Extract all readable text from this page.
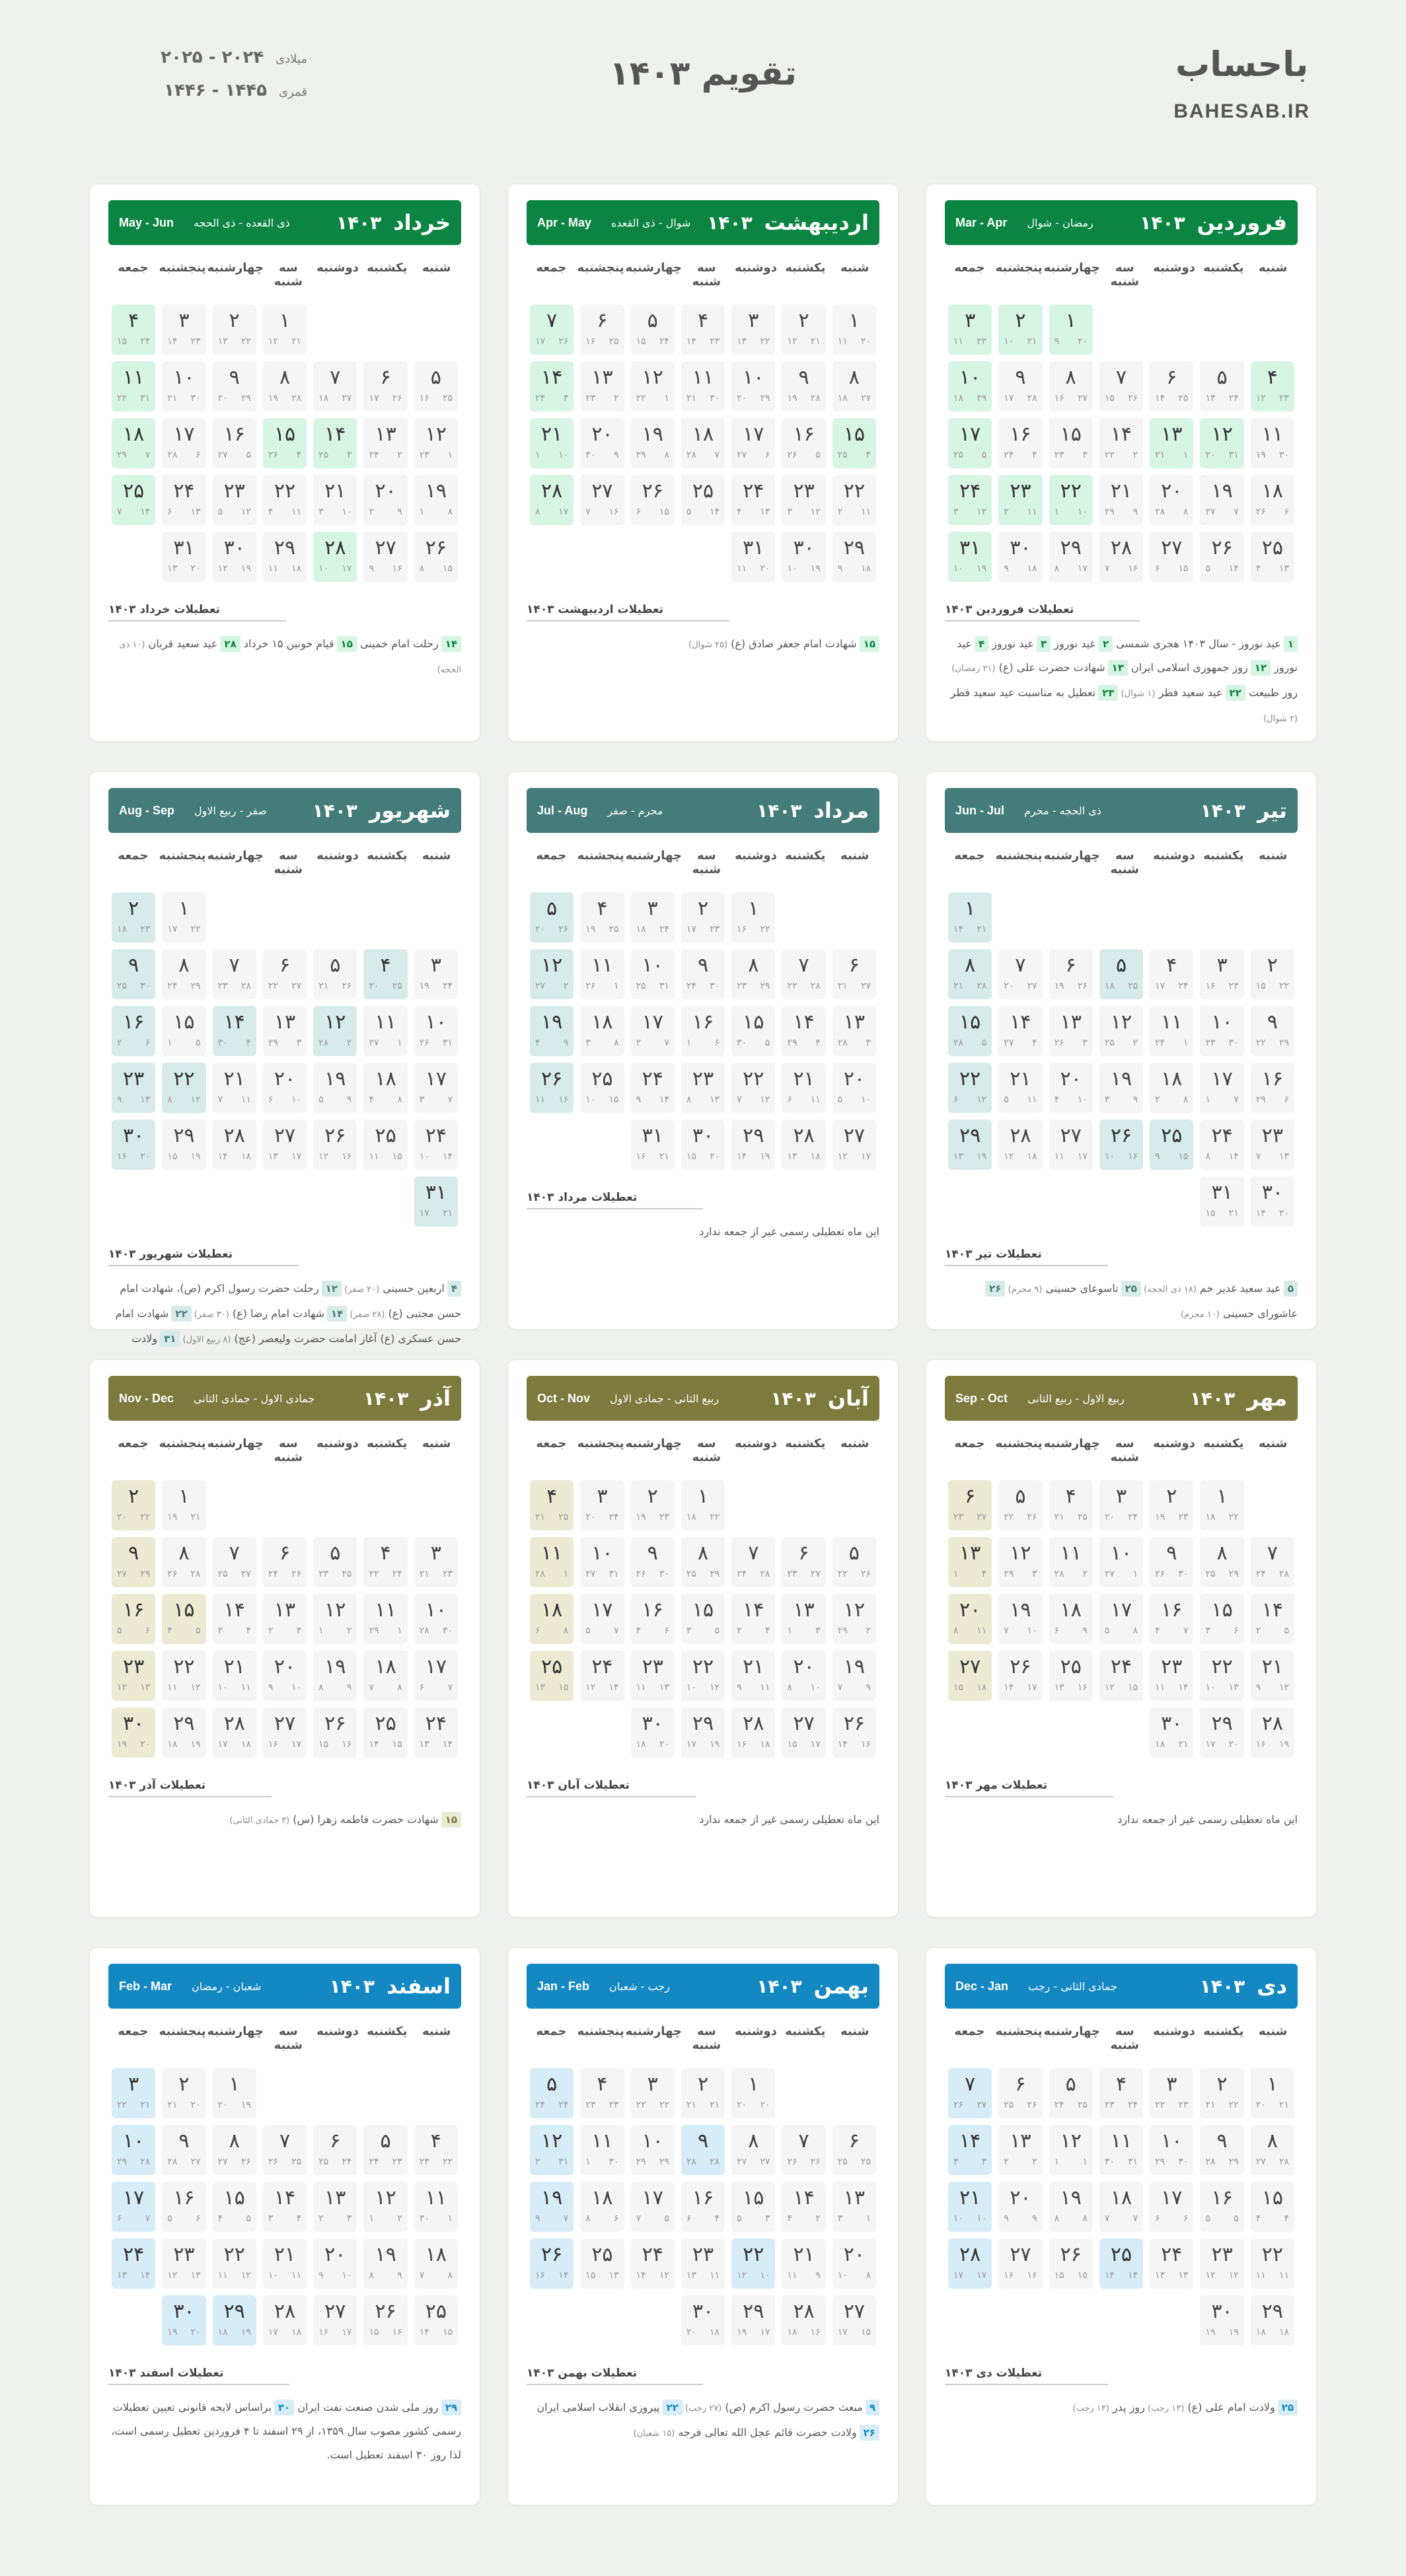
باحساب
BAHESAB.IR
تقویم ۱۴۰۳
میلادی
۲۰۲۴ - ۲۰۲۵
قمری
۱۴۴۵ - ۱۴۴۶
فروردین
۱۴۰۳
رمضان - شوال
Mar - Apr
شنبه
یکشنبه
دوشنبه
سه شنبه
چهارشنبه
پنجشنبه
جمعه
۱
۲۰
۹
۲
۲۱
۱۰
۳
۲۲
۱۱
۴
۲۳
۱۲
۵
۲۴
۱۳
۶
۲۵
۱۴
۷
۲۶
۱۵
۸
۲۷
۱۶
۹
۲۸
۱۷
۱۰
۲۹
۱۸
۱۱
۳۰
۱۹
۱۲
۳۱
۲۰
۱۳
۱
۲۱
۱۴
۲
۲۲
۱۵
۳
۲۳
۱۶
۴
۲۴
۱۷
۵
۲۵
۱۸
۶
۲۶
۱۹
۷
۲۷
۲۰
۸
۲۸
۲۱
۹
۲۹
۲۲
۱۰
۱
۲۳
۱۱
۲
۲۴
۱۲
۳
۲۵
۱۳
۴
۲۶
۱۴
۵
۲۷
۱۵
۶
۲۸
۱۶
۷
۲۹
۱۷
۸
۳۰
۱۸
۹
۳۱
۱۹
۱۰
تعطیلات فروردین ۱۴۰۳
۱عید نوروز - سال ۱۴۰۳ هجری شمسی ۲عید نوروز ۳عید نوروز ۴عید نوروز ۱۲روز جمهوری اسلامی ایران ۱۳شهادت حضرت علی (ع) (۲۱ رمضان) روز طبیعت ۲۲عید سعید فطر (۱ شوال) ۲۳تعطیل به مناسبت عید سعید فطر (۲ شوال)
اردیبهشت
۱۴۰۳
شوال - ذی القعده
Apr - May
شنبه
یکشنبه
دوشنبه
سه شنبه
چهارشنبه
پنجشنبه
جمعه
۱
۲۰
۱۱
۲
۲۱
۱۲
۳
۲۲
۱۳
۴
۲۳
۱۴
۵
۲۴
۱۵
۶
۲۵
۱۶
۷
۲۶
۱۷
۸
۲۷
۱۸
۹
۲۸
۱۹
۱۰
۲۹
۲۰
۱۱
۳۰
۲۱
۱۲
۱
۲۲
۱۳
۲
۲۳
۱۴
۳
۲۴
۱۵
۴
۲۵
۱۶
۵
۲۶
۱۷
۶
۲۷
۱۸
۷
۲۸
۱۹
۸
۲۹
۲۰
۹
۳۰
۲۱
۱۰
۱
۲۲
۱۱
۲
۲۳
۱۲
۳
۲۴
۱۳
۴
۲۵
۱۴
۵
۲۶
۱۵
۶
۲۷
۱۶
۷
۲۸
۱۷
۸
۲۹
۱۸
۹
۳۰
۱۹
۱۰
۳۱
۲۰
۱۱
تعطیلات اردیبهشت ۱۴۰۳
۱۵شهادت امام جعفر صادق (ع) (۲۵ شوال)
خرداد
۱۴۰۳
ذی القعده - ذی الحجه
May - Jun
شنبه
یکشنبه
دوشنبه
سه شنبه
چهارشنبه
پنجشنبه
جمعه
۱
۲۱
۱۲
۲
۲۲
۱۳
۳
۲۳
۱۴
۴
۲۴
۱۵
۵
۲۵
۱۶
۶
۲۶
۱۷
۷
۲۷
۱۸
۸
۲۸
۱۹
۹
۲۹
۲۰
۱۰
۳۰
۲۱
۱۱
۳۱
۲۲
۱۲
۱
۲۳
۱۳
۲
۲۴
۱۴
۳
۲۵
۱۵
۴
۲۶
۱۶
۵
۲۷
۱۷
۶
۲۸
۱۸
۷
۲۹
۱۹
۸
۱
۲۰
۹
۲
۲۱
۱۰
۳
۲۲
۱۱
۴
۲۳
۱۲
۵
۲۴
۱۳
۶
۲۵
۱۴
۷
۲۶
۱۵
۸
۲۷
۱۶
۹
۲۸
۱۷
۱۰
۲۹
۱۸
۱۱
۳۰
۱۹
۱۲
۳۱
۲۰
۱۳
تعطیلات خرداد ۱۴۰۳
۱۴رحلت امام خمینی ۱۵قیام خونین ۱۵ خرداد ۲۸عید سعید قربان (۱۰ ذی الحجه)
تیر
۱۴۰۳
ذی الحجه - محرم
Jun - Jul
شنبه
یکشنبه
دوشنبه
سه شنبه
چهارشنبه
پنجشنبه
جمعه
۱
۲۱
۱۴
۲
۲۲
۱۵
۳
۲۳
۱۶
۴
۲۴
۱۷
۵
۲۵
۱۸
۶
۲۶
۱۹
۷
۲۷
۲۰
۸
۲۸
۲۱
۹
۲۹
۲۲
۱۰
۳۰
۲۳
۱۱
۱
۲۴
۱۲
۲
۲۵
۱۳
۳
۲۶
۱۴
۴
۲۷
۱۵
۵
۲۸
۱۶
۶
۲۹
۱۷
۷
۱
۱۸
۸
۲
۱۹
۹
۳
۲۰
۱۰
۴
۲۱
۱۱
۵
۲۲
۱۲
۶
۲۳
۱۳
۷
۲۴
۱۴
۸
۲۵
۱۵
۹
۲۶
۱۶
۱۰
۲۷
۱۷
۱۱
۲۸
۱۸
۱۲
۲۹
۱۹
۱۳
۳۰
۲۰
۱۴
۳۱
۲۱
۱۵
تعطیلات تیر ۱۴۰۳
۵عید سعید غدیر خم (۱۸ ذی الحجه) ۲۵تاسوعای حسینی (۹ محرم) ۲۶عاشورای حسینی (۱۰ محرم)
مرداد
۱۴۰۳
محرم - صفر
Jul - Aug
شنبه
یکشنبه
دوشنبه
سه شنبه
چهارشنبه
پنجشنبه
جمعه
۱
۲۲
۱۶
۲
۲۳
۱۷
۳
۲۴
۱۸
۴
۲۵
۱۹
۵
۲۶
۲۰
۶
۲۷
۲۱
۷
۲۸
۲۲
۸
۲۹
۲۳
۹
۳۰
۲۴
۱۰
۳۱
۲۵
۱۱
۱
۲۶
۱۲
۲
۲۷
۱۳
۳
۲۸
۱۴
۴
۲۹
۱۵
۵
۳۰
۱۶
۶
۱
۱۷
۷
۲
۱۸
۸
۳
۱۹
۹
۴
۲۰
۱۰
۵
۲۱
۱۱
۶
۲۲
۱۲
۷
۲۳
۱۳
۸
۲۴
۱۴
۹
۲۵
۱۵
۱۰
۲۶
۱۶
۱۱
۲۷
۱۷
۱۲
۲۸
۱۸
۱۳
۲۹
۱۹
۱۴
۳۰
۲۰
۱۵
۳۱
۲۱
۱۶
تعطیلات مرداد ۱۴۰۳
این ماه تعطیلی رسمی غیر از جمعه ندارد
شهریور
۱۴۰۳
صفر - ربیع الاول
Aug - Sep
شنبه
یکشنبه
دوشنبه
سه شنبه
چهارشنبه
پنجشنبه
جمعه
۱
۲۲
۱۷
۲
۲۳
۱۸
۳
۲۴
۱۹
۴
۲۵
۲۰
۵
۲۶
۲۱
۶
۲۷
۲۲
۷
۲۸
۲۳
۸
۲۹
۲۴
۹
۳۰
۲۵
۱۰
۳۱
۲۶
۱۱
۱
۲۷
۱۲
۲
۲۸
۱۳
۳
۲۹
۱۴
۴
۳۰
۱۵
۵
۱
۱۶
۶
۲
۱۷
۷
۳
۱۸
۸
۴
۱۹
۹
۵
۲۰
۱۰
۶
۲۱
۱۱
۷
۲۲
۱۲
۸
۲۳
۱۳
۹
۲۴
۱۴
۱۰
۲۵
۱۵
۱۱
۲۶
۱۶
۱۲
۲۷
۱۷
۱۳
۲۸
۱۸
۱۴
۲۹
۱۹
۱۵
۳۰
۲۰
۱۶
۳۱
۲۱
۱۷
تعطیلات شهریور ۱۴۰۳
۴اربعین حسینی (۲۰ صفر) ۱۲رحلت حضرت رسول اکرم (ص)، شهادت امام حسن مجتبی (ع) (۲۸ صفر) ۱۴شهادت امام رضا (ع) (۳۰ صفر) ۲۲شهادت امام حسن عسکری (ع) آغاز امامت حضرت ولیعصر (عج) (۸ ربیع الاول) ۳۱ولادت
مهر
۱۴۰۳
ربیع الاول - ربیع الثانی
Sep - Oct
شنبه
یکشنبه
دوشنبه
سه شنبه
چهارشنبه
پنجشنبه
جمعه
۱
۲۲
۱۸
۲
۲۳
۱۹
۳
۲۴
۲۰
۴
۲۵
۲۱
۵
۲۶
۲۲
۶
۲۷
۲۳
۷
۲۸
۲۴
۸
۲۹
۲۵
۹
۳۰
۲۶
۱۰
۱
۲۷
۱۱
۲
۲۸
۱۲
۳
۲۹
۱۳
۴
۱
۱۴
۵
۲
۱۵
۶
۳
۱۶
۷
۴
۱۷
۸
۵
۱۸
۹
۶
۱۹
۱۰
۷
۲۰
۱۱
۸
۲۱
۱۲
۹
۲۲
۱۳
۱۰
۲۳
۱۴
۱۱
۲۴
۱۵
۱۲
۲۵
۱۶
۱۳
۲۶
۱۷
۱۴
۲۷
۱۸
۱۵
۲۸
۱۹
۱۶
۲۹
۲۰
۱۷
۳۰
۲۱
۱۸
تعطیلات مهر ۱۴۰۳
این ماه تعطیلی رسمی غیر از جمعه ندارد
آبان
۱۴۰۳
ربیع الثانی - جمادی الاول
Oct - Nov
شنبه
یکشنبه
دوشنبه
سه شنبه
چهارشنبه
پنجشنبه
جمعه
۱
۲۲
۱۸
۲
۲۳
۱۹
۳
۲۴
۲۰
۴
۲۵
۲۱
۵
۲۶
۲۲
۶
۲۷
۲۳
۷
۲۸
۲۴
۸
۲۹
۲۵
۹
۳۰
۲۶
۱۰
۳۱
۲۷
۱۱
۱
۲۸
۱۲
۲
۲۹
۱۳
۳
۱
۱۴
۴
۲
۱۵
۵
۳
۱۶
۶
۴
۱۷
۷
۵
۱۸
۸
۶
۱۹
۹
۷
۲۰
۱۰
۸
۲۱
۱۱
۹
۲۲
۱۲
۱۰
۲۳
۱۳
۱۱
۲۴
۱۴
۱۲
۲۵
۱۵
۱۳
۲۶
۱۶
۱۴
۲۷
۱۷
۱۵
۲۸
۱۸
۱۶
۲۹
۱۹
۱۷
۳۰
۲۰
۱۸
تعطیلات آبان ۱۴۰۳
این ماه تعطیلی رسمی غیر از جمعه ندارد
آذر
۱۴۰۳
جمادی الاول - جمادی الثانی
Nov - Dec
شنبه
یکشنبه
دوشنبه
سه شنبه
چهارشنبه
پنجشنبه
جمعه
۱
۲۱
۱۹
۲
۲۲
۲۰
۳
۲۳
۲۱
۴
۲۴
۲۲
۵
۲۵
۲۳
۶
۲۶
۲۴
۷
۲۷
۲۵
۸
۲۸
۲۶
۹
۲۹
۲۷
۱۰
۳۰
۲۸
۱۱
۱
۲۹
۱۲
۲
۱
۱۳
۳
۲
۱۴
۴
۳
۱۵
۵
۴
۱۶
۶
۵
۱۷
۷
۶
۱۸
۸
۷
۱۹
۹
۸
۲۰
۱۰
۹
۲۱
۱۱
۱۰
۲۲
۱۲
۱۱
۲۳
۱۳
۱۲
۲۴
۱۴
۱۳
۲۵
۱۵
۱۴
۲۶
۱۶
۱۵
۲۷
۱۷
۱۶
۲۸
۱۸
۱۷
۲۹
۱۹
۱۸
۳۰
۲۰
۱۹
تعطیلات آذر ۱۴۰۳
۱۵شهادت حضرت فاطمه زهرا (س) (۳ جمادی الثانی)
دی
۱۴۰۳
جمادی الثانی - رجب
Dec - Jan
شنبه
یکشنبه
دوشنبه
سه شنبه
چهارشنبه
پنجشنبه
جمعه
۱
۲۱
۲۰
۲
۲۲
۲۱
۳
۲۳
۲۲
۴
۲۴
۲۳
۵
۲۵
۲۴
۶
۲۶
۲۵
۷
۲۷
۲۶
۸
۲۸
۲۷
۹
۲۹
۲۸
۱۰
۳۰
۲۹
۱۱
۳۱
۳۰
۱۲
۱
۱
۱۳
۲
۲
۱۴
۳
۳
۱۵
۴
۴
۱۶
۵
۵
۱۷
۶
۶
۱۸
۷
۷
۱۹
۸
۸
۲۰
۹
۹
۲۱
۱۰
۱۰
۲۲
۱۱
۱۱
۲۳
۱۲
۱۲
۲۴
۱۳
۱۳
۲۵
۱۴
۱۴
۲۶
۱۵
۱۵
۲۷
۱۶
۱۶
۲۸
۱۷
۱۷
۲۹
۱۸
۱۸
۳۰
۱۹
۱۹
تعطیلات دی ۱۴۰۳
۲۵ولادت امام علی (ع) (۱۳ رجب) روز پدر (۱۳ رجب)
بهمن
۱۴۰۳
رجب - شعبان
Jan - Feb
شنبه
یکشنبه
دوشنبه
سه شنبه
چهارشنبه
پنجشنبه
جمعه
۱
۲۰
۲۰
۲
۲۱
۲۱
۳
۲۲
۲۲
۴
۲۳
۲۳
۵
۲۴
۲۴
۶
۲۵
۲۵
۷
۲۶
۲۶
۸
۲۷
۲۷
۹
۲۸
۲۸
۱۰
۲۹
۲۹
۱۱
۳۰
۱
۱۲
۳۱
۲
۱۳
۱
۳
۱۴
۲
۴
۱۵
۳
۵
۱۶
۴
۶
۱۷
۵
۷
۱۸
۶
۸
۱۹
۷
۹
۲۰
۸
۱۰
۲۱
۹
۱۱
۲۲
۱۰
۱۲
۲۳
۱۱
۱۳
۲۴
۱۲
۱۴
۲۵
۱۳
۱۵
۲۶
۱۴
۱۶
۲۷
۱۵
۱۷
۲۸
۱۶
۱۸
۲۹
۱۷
۱۹
۳۰
۱۸
۲۰
تعطیلات بهمن ۱۴۰۳
۹مبعث حضرت رسول اکرم (ص) (۲۷ رجب) ۲۲پیروزی انقلاب اسلامی ایران ۲۶ولادت حضرت قائم عجل الله تعالی فرجه (۱۵ شعبان)
اسفند
۱۴۰۳
شعبان - رمضان
Feb - Mar
شنبه
یکشنبه
دوشنبه
سه شنبه
چهارشنبه
پنجشنبه
جمعه
۱
۱۹
۲۰
۲
۲۰
۲۱
۳
۲۱
۲۲
۴
۲۲
۲۳
۵
۲۳
۲۴
۶
۲۴
۲۵
۷
۲۵
۲۶
۸
۲۶
۲۷
۹
۲۷
۲۸
۱۰
۲۸
۲۹
۱۱
۱
۳۰
۱۲
۲
۱
۱۳
۳
۲
۱۴
۴
۳
۱۵
۵
۴
۱۶
۶
۵
۱۷
۷
۶
۱۸
۸
۷
۱۹
۹
۸
۲۰
۱۰
۹
۲۱
۱۱
۱۰
۲۲
۱۲
۱۱
۲۳
۱۳
۱۲
۲۴
۱۴
۱۳
۲۵
۱۵
۱۴
۲۶
۱۶
۱۵
۲۷
۱۷
۱۶
۲۸
۱۸
۱۷
۲۹
۱۹
۱۸
۳۰
۲۰
۱۹
تعطیلات اسفند ۱۴۰۳
۲۹روز ملی شدن صنعت نفت ایران ۳۰براساس لایحه قانونی تعیین تعطیلات رسمی کشور مصوب سال ۱۳۵۹، از ۲۹ اسفند تا ۴ فروردین تعطیل رسمی است، لذا روز ۳۰ اسفند تعطیل است.
